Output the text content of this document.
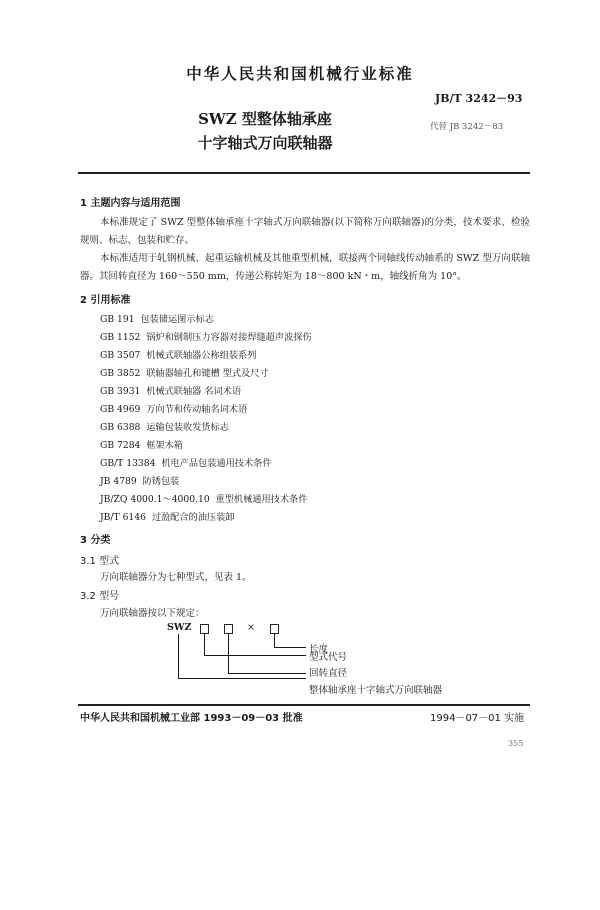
中华人民共和国机械行业标准
JB/T 3242－93
SWZ 型整体轴承座
十字轴式万向联轴器
代替 JB 3242－83
1 主题内容与适用范围
本标准规定了 SWZ 型整体轴承座十字轴式万向联轴器(以下简称万向联轴器)的分类，技术要求、检验规则、标志、包装和贮存。
本标准适用于轧钢机械、起重运输机械及其他重型机械，联接两个同轴线传动轴系的 SWZ 型万向联轴器。其回转直径为 160～550 mm，传递公称转矩为 18～800 kN・m，轴线折角为 10°。
2 引用标准
GB 191 包装储运图示标志
GB 1152 锅炉和钢制压力容器对接焊缝超声波探伤
GB 3507 机械式联轴器公称组装系列
GB 3852 联轴器轴孔和键槽 型式及尺寸
GB 3931 机械式联轴器 名词术语
GB 4969 万向节和传动轴名词术语
GB 6388 运输包装收发货标志
GB 7284 框架木箱
GB/T 13384 机电产品包装通用技术条件
JB 4789 防锈包装
JB/ZQ 4000.1～4000.10 重型机械通用技术条件
JB/T 6146 过盈配合的油压装卸
3 分类
3.1 型式
万向联轴器分为七种型式，见表 1。
3.2 型号
万向联轴器按以下规定：
SWZ	×
长度
型式代号
回转直径
整体轴承座十字轴式万向联轴器
中华人民共和国机械工业部 1993－09－03 批准	1994－07－01 实施
355
